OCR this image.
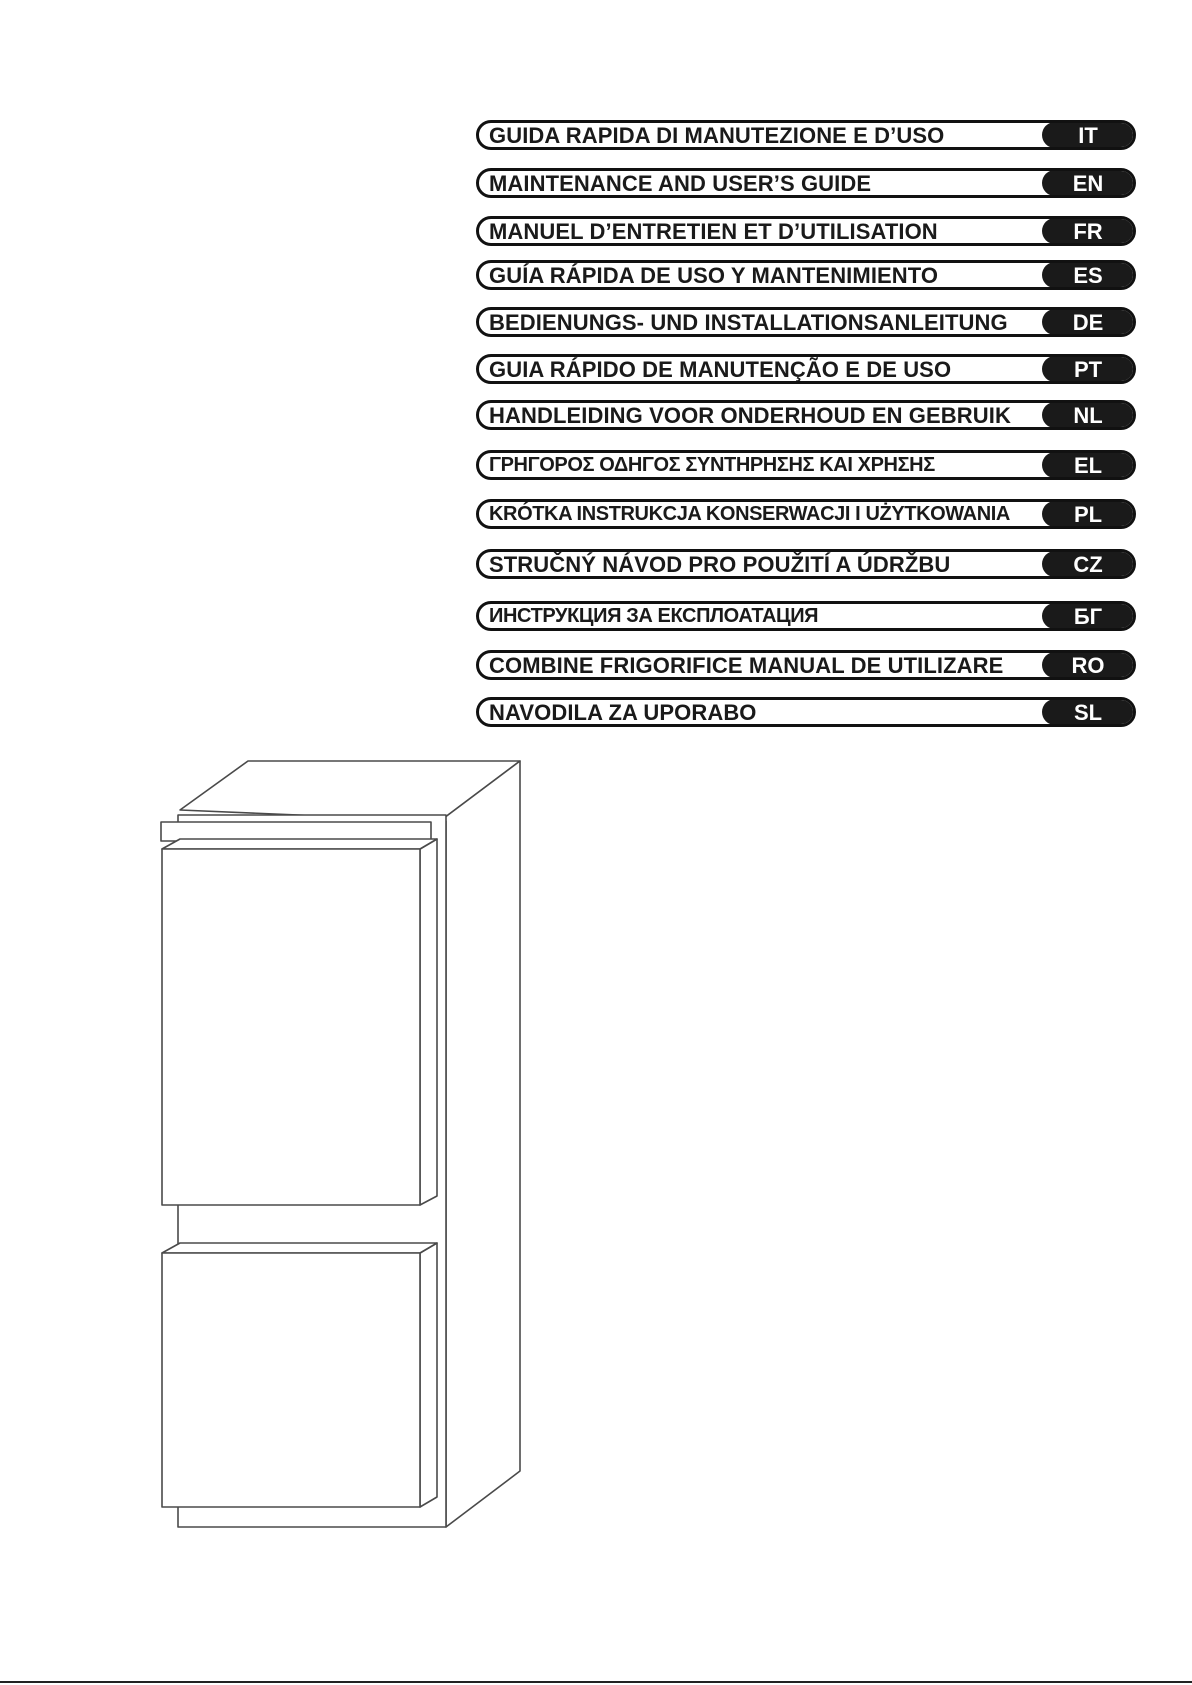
GUIDA RAPIDA DI MANUTEZIONE E D’USO	IT
MAINTENANCE AND USER’S GUIDE	EN
MANUEL D’ENTRETIEN ET D’UTILISATION	FR
GUÍA RÁPIDA DE USO Y MANTENIMIENTO	ES
BEDIENUNGS- UND INSTALLATIONSANLEITUNG	DE
GUIA RÁPIDO DE MANUTENÇÃO E DE USO	PT
HANDLEIDING VOOR ONDERHOUD EN GEBRUIK	NL
ΓΡΗΓΟΡΟΣ ΟΔΗΓΟΣ ΣΥΝΤΗΡΗΣΗΣ ΚΑΙ ΧΡΗΣΗΣ	EL
KRÓTKA INSTRUKCJA KONSERWACJI I UŻYTKOWANIA	PL
STRUČNÝ NÁVOD PRO POUŽITÍ A ÚDRŽBU	CZ
ИНСТРУКЦИЯ ЗА ЕКСПЛОАТАЦИЯ	БГ
COMBINE FRIGORIFICE MANUAL DE UTILIZARE	RO
NAVODILA ZA UPORABO	SL
